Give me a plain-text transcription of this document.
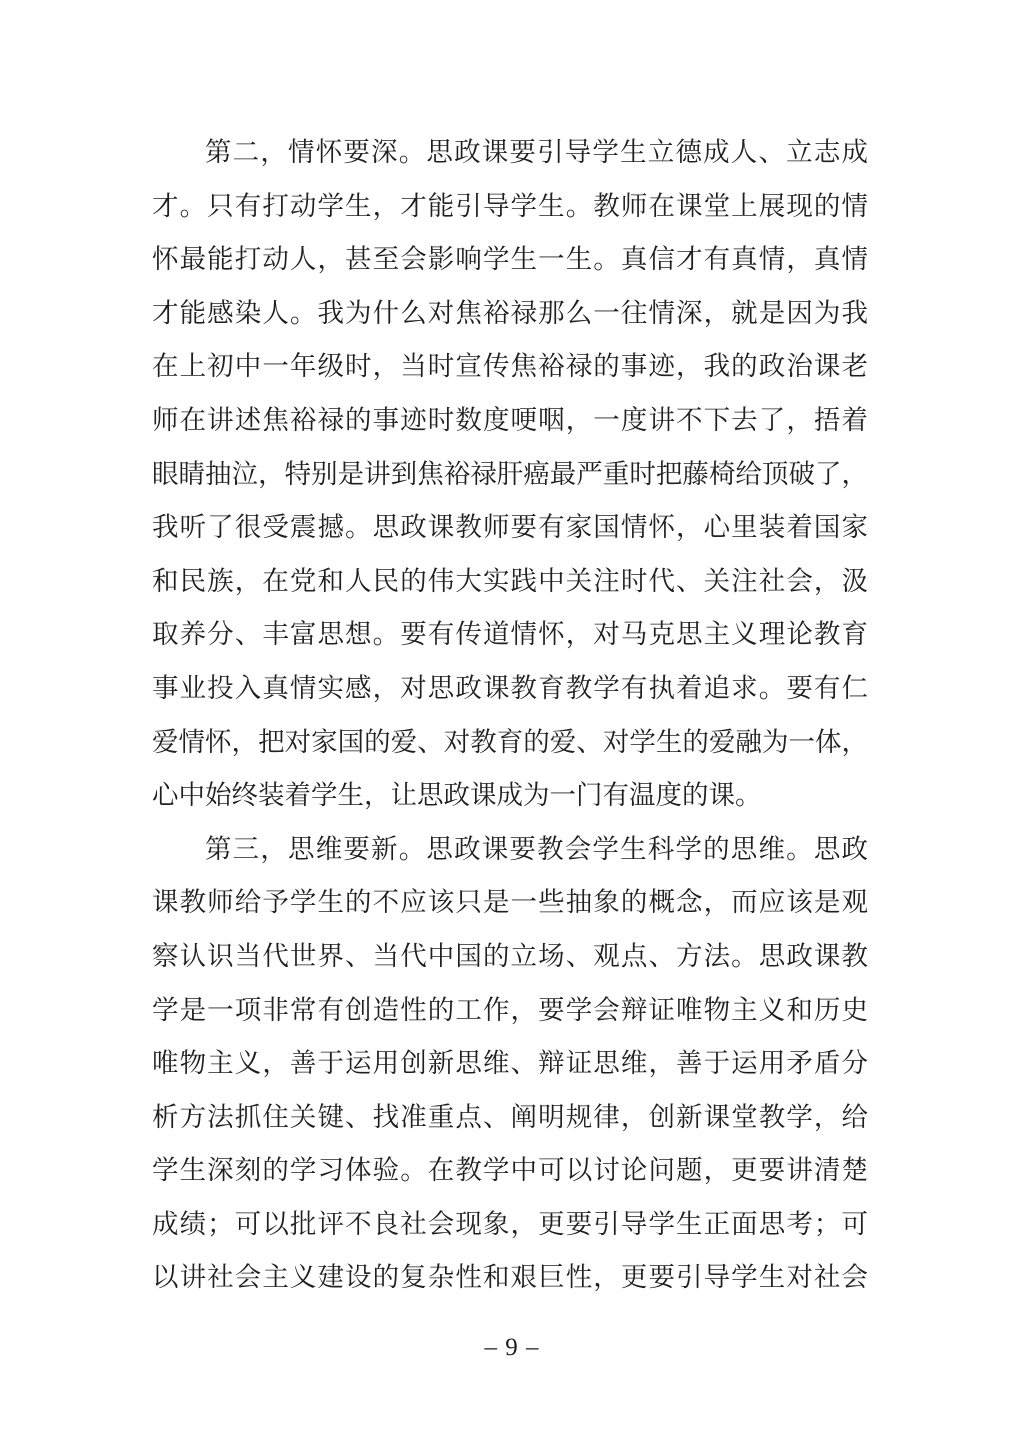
第二，情怀要深。思政课要引导学生立德成人、立志成
才。只有打动学生，才能引导学生。教师在课堂上展现的情
怀最能打动人，甚至会影响学生一生。真信才有真情，真情
才能感染人。我为什么对焦裕禄那么一往情深，就是因为我
在上初中一年级时，当时宣传焦裕禄的事迹，我的政治课老
师在讲述焦裕禄的事迹时数度哽咽，一度讲不下去了，捂着
眼睛抽泣，特别是讲到焦裕禄肝癌最严重时把藤椅给顶破了，
我听了很受震撼。思政课教师要有家国情怀，心里装着国家
和民族，在党和人民的伟大实践中关注时代、关注社会，汲
取养分、丰富思想。要有传道情怀，对马克思主义理论教育
事业投入真情实感，对思政课教育教学有执着追求。要有仁
爱情怀，把对家国的爱、对教育的爱、对学生的爱融为一体，
心中始终装着学生，让思政课成为一门有温度的课。
第三，思维要新。思政课要教会学生科学的思维。思政
课教师给予学生的不应该只是一些抽象的概念，而应该是观
察认识当代世界、当代中国的立场、观点、方法。思政课教
学是一项非常有创造性的工作，要学会辩证唯物主义和历史
唯物主义，善于运用创新思维、辩证思维，善于运用矛盾分
析方法抓住关键、找准重点、阐明规律，创新课堂教学，给
学生深刻的学习体验。在教学中可以讨论问题，更要讲清楚
成绩；可以批评不良社会现象，更要引导学生正面思考；可
以讲社会主义建设的复杂性和艰巨性，更要引导学生对社会
– 9 –
